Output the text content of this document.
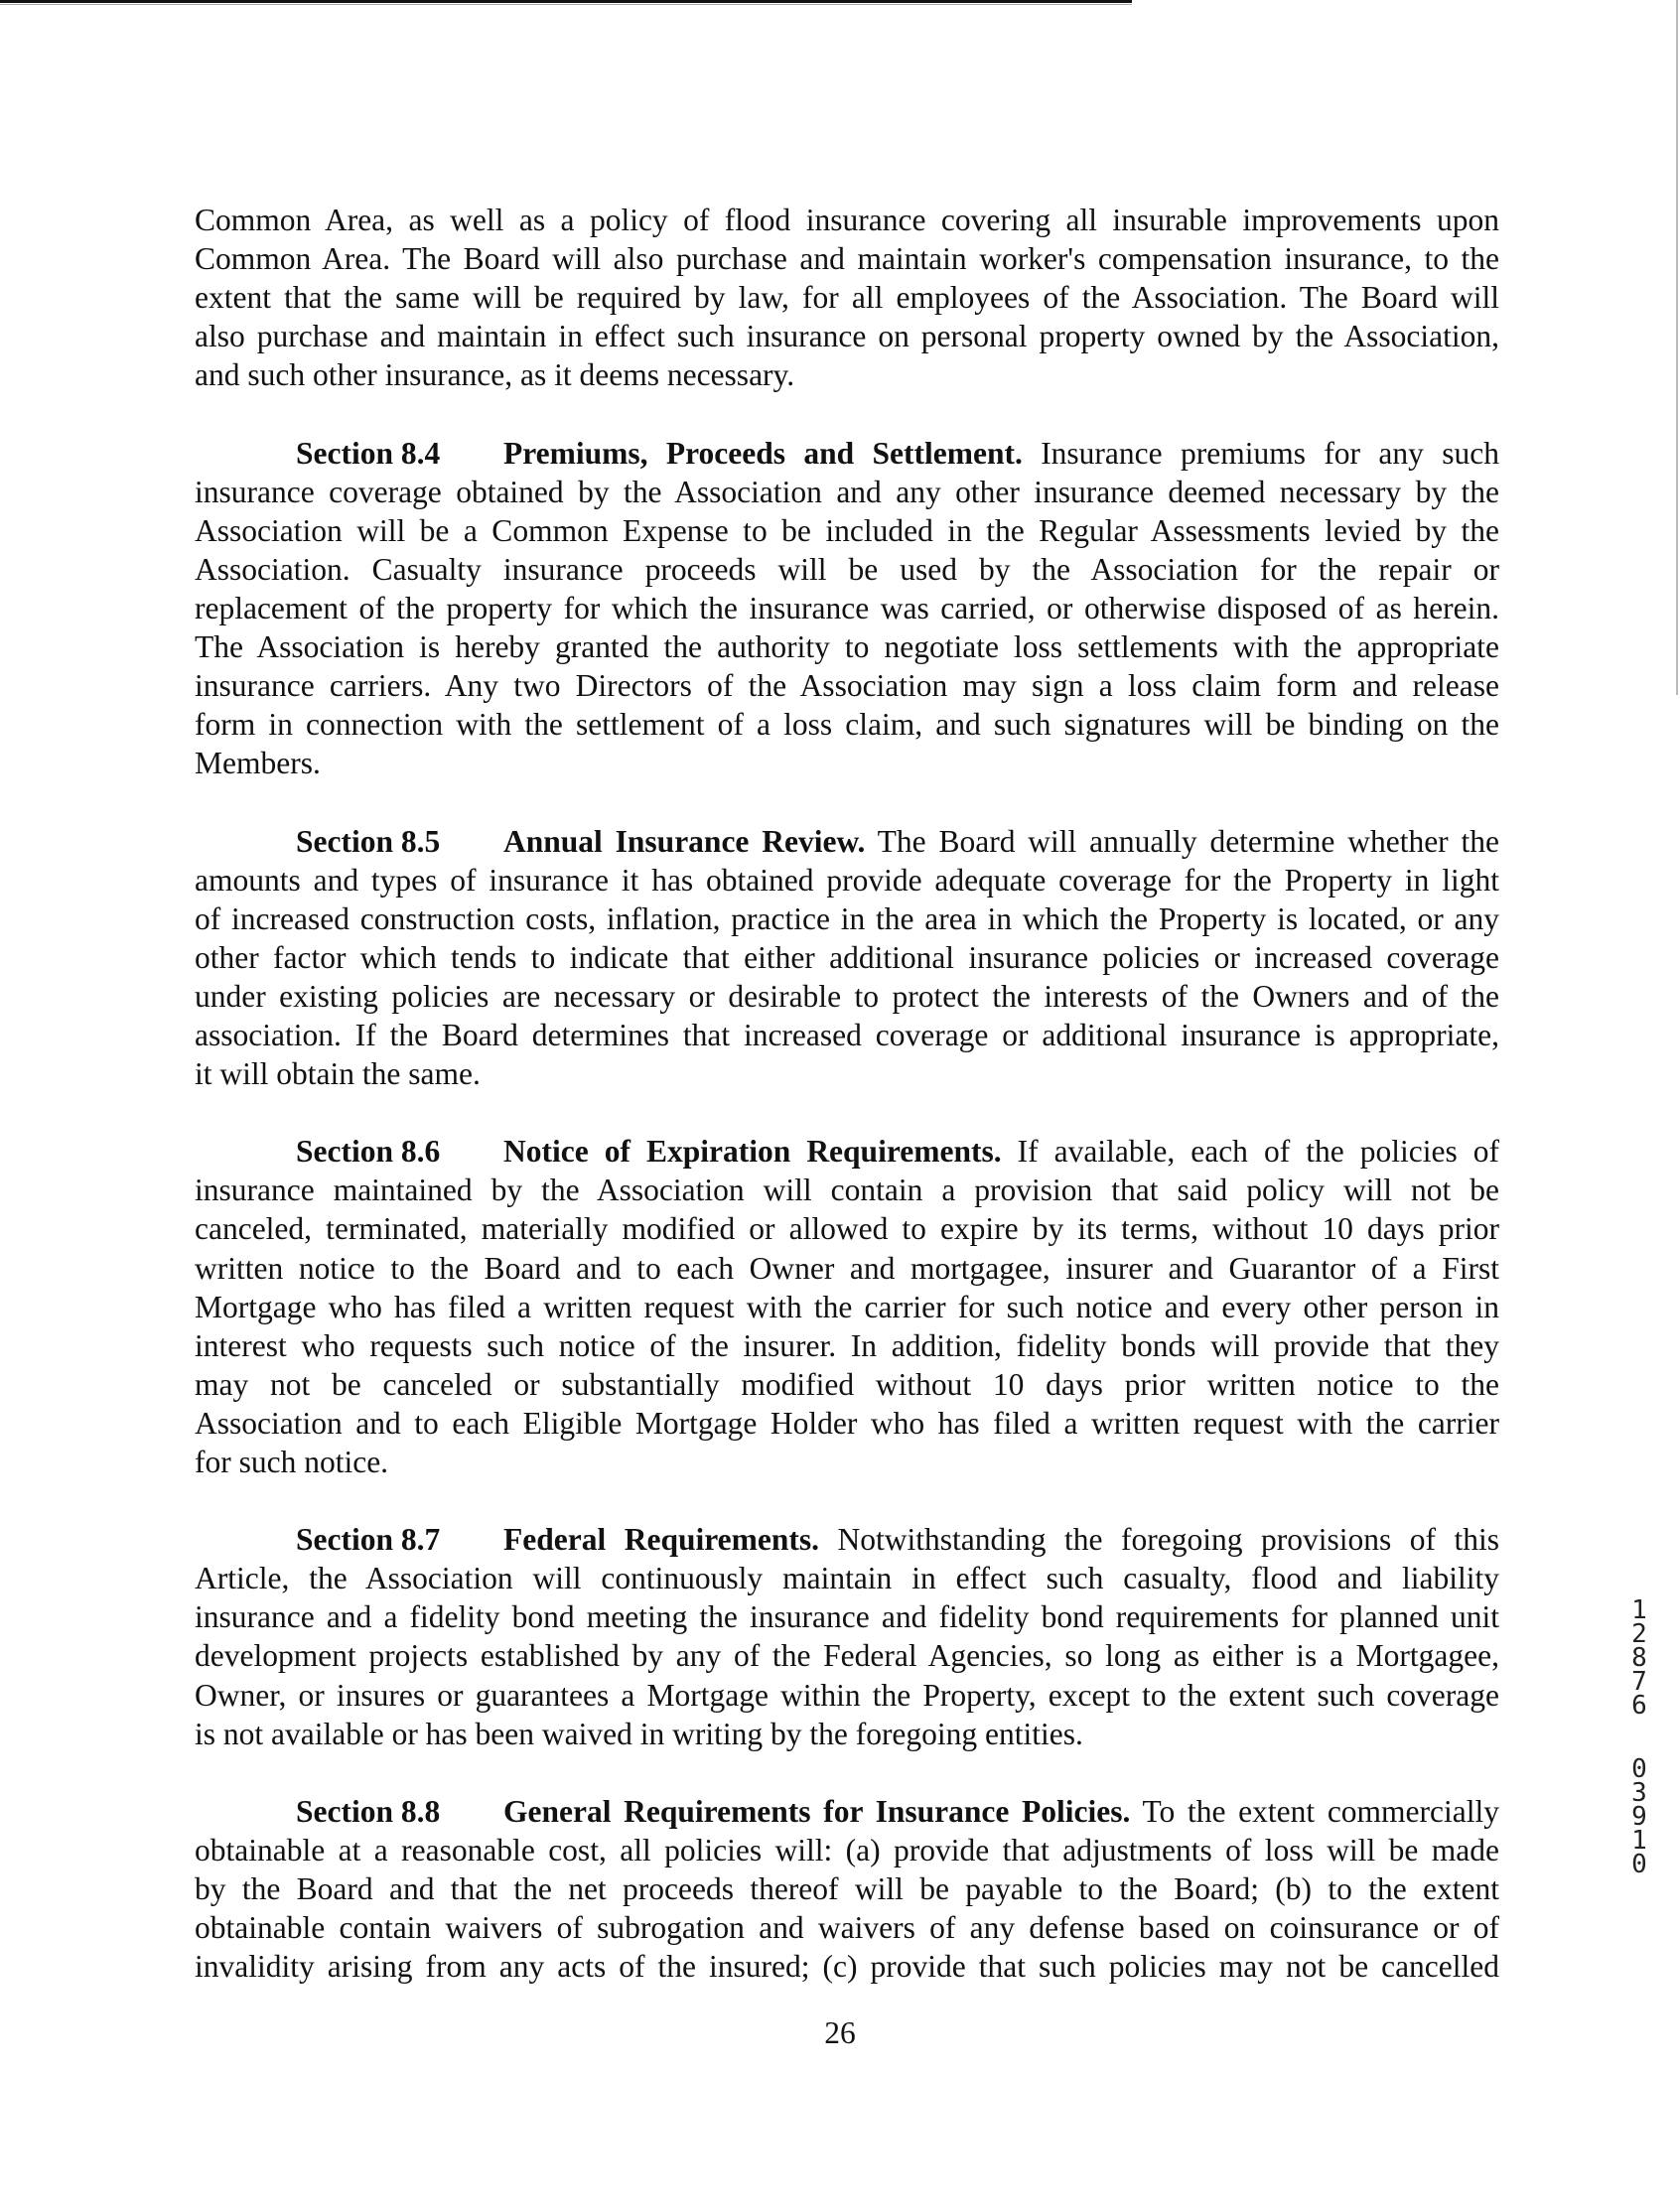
Common Area, as well as a policy of flood insurance covering all insurable improvements upon
Common Area. The Board will also purchase and maintain worker's compensation insurance, to the
extent that the same will be required by law, for all employees of the Association. The Board will
also purchase and maintain in effect such insurance on personal property owned by the Association,
and such other insurance, as it deems necessary.
Section 8.4 Premiums, Proceeds and Settlement. Insurance premiums for any such
insurance coverage obtained by the Association and any other insurance deemed necessary by the
Association will be a Common Expense to be included in the Regular Assessments levied by the
Association. Casualty insurance proceeds will be used by the Association for the repair or
replacement of the property for which the insurance was carried, or otherwise disposed of as herein.
The Association is hereby granted the authority to negotiate loss settlements with the appropriate
insurance carriers. Any two Directors of the Association may sign a loss claim form and release
form in connection with the settlement of a loss claim, and such signatures will be binding on the
Members.
Section 8.5 Annual Insurance Review. The Board will annually determine whether the
amounts and types of insurance it has obtained provide adequate coverage for the Property in light
of increased construction costs, inflation, practice in the area in which the Property is located, or any
other factor which tends to indicate that either additional insurance policies or increased coverage
under existing policies are necessary or desirable to protect the interests of the Owners and of the
association. If the Board determines that increased coverage or additional insurance is appropriate,
it will obtain the same.
Section 8.6 Notice of Expiration Requirements. If available, each of the policies of
insurance maintained by the Association will contain a provision that said policy will not be
canceled, terminated, materially modified or allowed to expire by its terms, without 10 days prior
written notice to the Board and to each Owner and mortgagee, insurer and Guarantor of a First
Mortgage who has filed a written request with the carrier for such notice and every other person in
interest who requests such notice of the insurer. In addition, fidelity bonds will provide that they
may not be canceled or substantially modified without 10 days prior written notice to the
Association and to each Eligible Mortgage Holder who has filed a written request with the carrier
for such notice.
Section 8.7 Federal Requirements. Notwithstanding the foregoing provisions of this
Article, the Association will continuously maintain in effect such casualty, flood and liability
insurance and a fidelity bond meeting the insurance and fidelity bond requirements for planned unit
development projects established by any of the Federal Agencies, so long as either is a Mortgagee,
Owner, or insures or guarantees a Mortgage within the Property, except to the extent such coverage
is not available or has been waived in writing by the foregoing entities.
Section 8.8 General Requirements for Insurance Policies. To the extent commercially
obtainable at a reasonable cost, all policies will: (a) provide that adjustments of loss will be made
by the Board and that the net proceeds thereof will be payable to the Board; (b) to the extent
obtainable contain waivers of subrogation and waivers of any defense based on coinsurance or of
invalidity arising from any acts of the insured; (c) provide that such policies may not be cancelled
26
1
2
8
7
6
0
3
9
1
0
